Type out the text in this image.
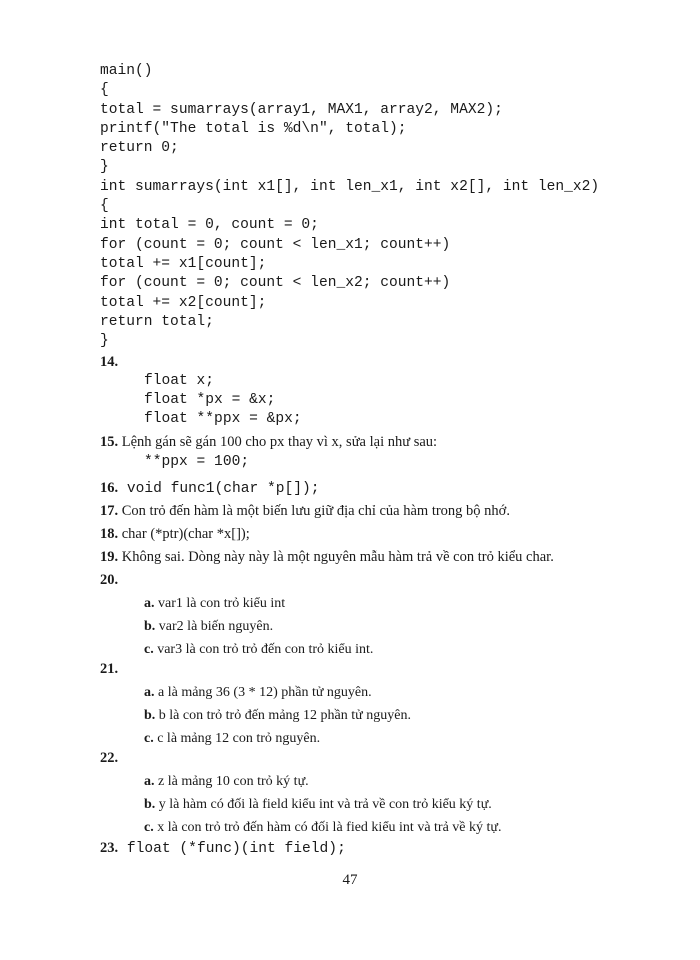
main()
{
total = sumarrays(array1, MAX1, array2, MAX2);
printf("The total is %d\n", total);
return 0;
}
int sumarrays(int x1[], int len_x1, int x2[], int len_x2)
{
int total = 0, count = 0;
for (count = 0; count < len_x1; count++)
total += x1[count];
for (count = 0; count < len_x2; count++)
total += x2[count];
return total;
}
14.
float x;
float *px = &x;
float **ppx = &px;
15. Lệnh gán sẽ gán 100 cho px thay vì x, sửa lại như sau:
**ppx = 100;
16. void func1(char *p[]);
17. Con trỏ đến hàm là một biến lưu giữ địa chỉ của hàm trong bộ nhớ.
18. char (*ptr)(char *x[]);
19. Không sai. Dòng này này là một nguyên mẫu hàm trả về con trỏ kiểu char.
20.
a. var1 là con trỏ kiểu int
b. var2 là biến nguyên.
c. var3 là con trỏ trỏ đến con trỏ kiểu int.
21.
a. a là mảng 36 (3 * 12) phần tử nguyên.
b. b là con trỏ trỏ đến mảng 12 phần tử nguyên.
c. c là mảng 12 con trỏ nguyên.
22.
a. z là mảng 10 con trỏ ký tự.
b. y là hàm có đối là field kiểu int và trả về con trỏ kiểu ký tự.
c. x là con trỏ trỏ đến hàm có đối là fied kiểu int và trả về ký tự.
23. float (*func)(int field);
47
